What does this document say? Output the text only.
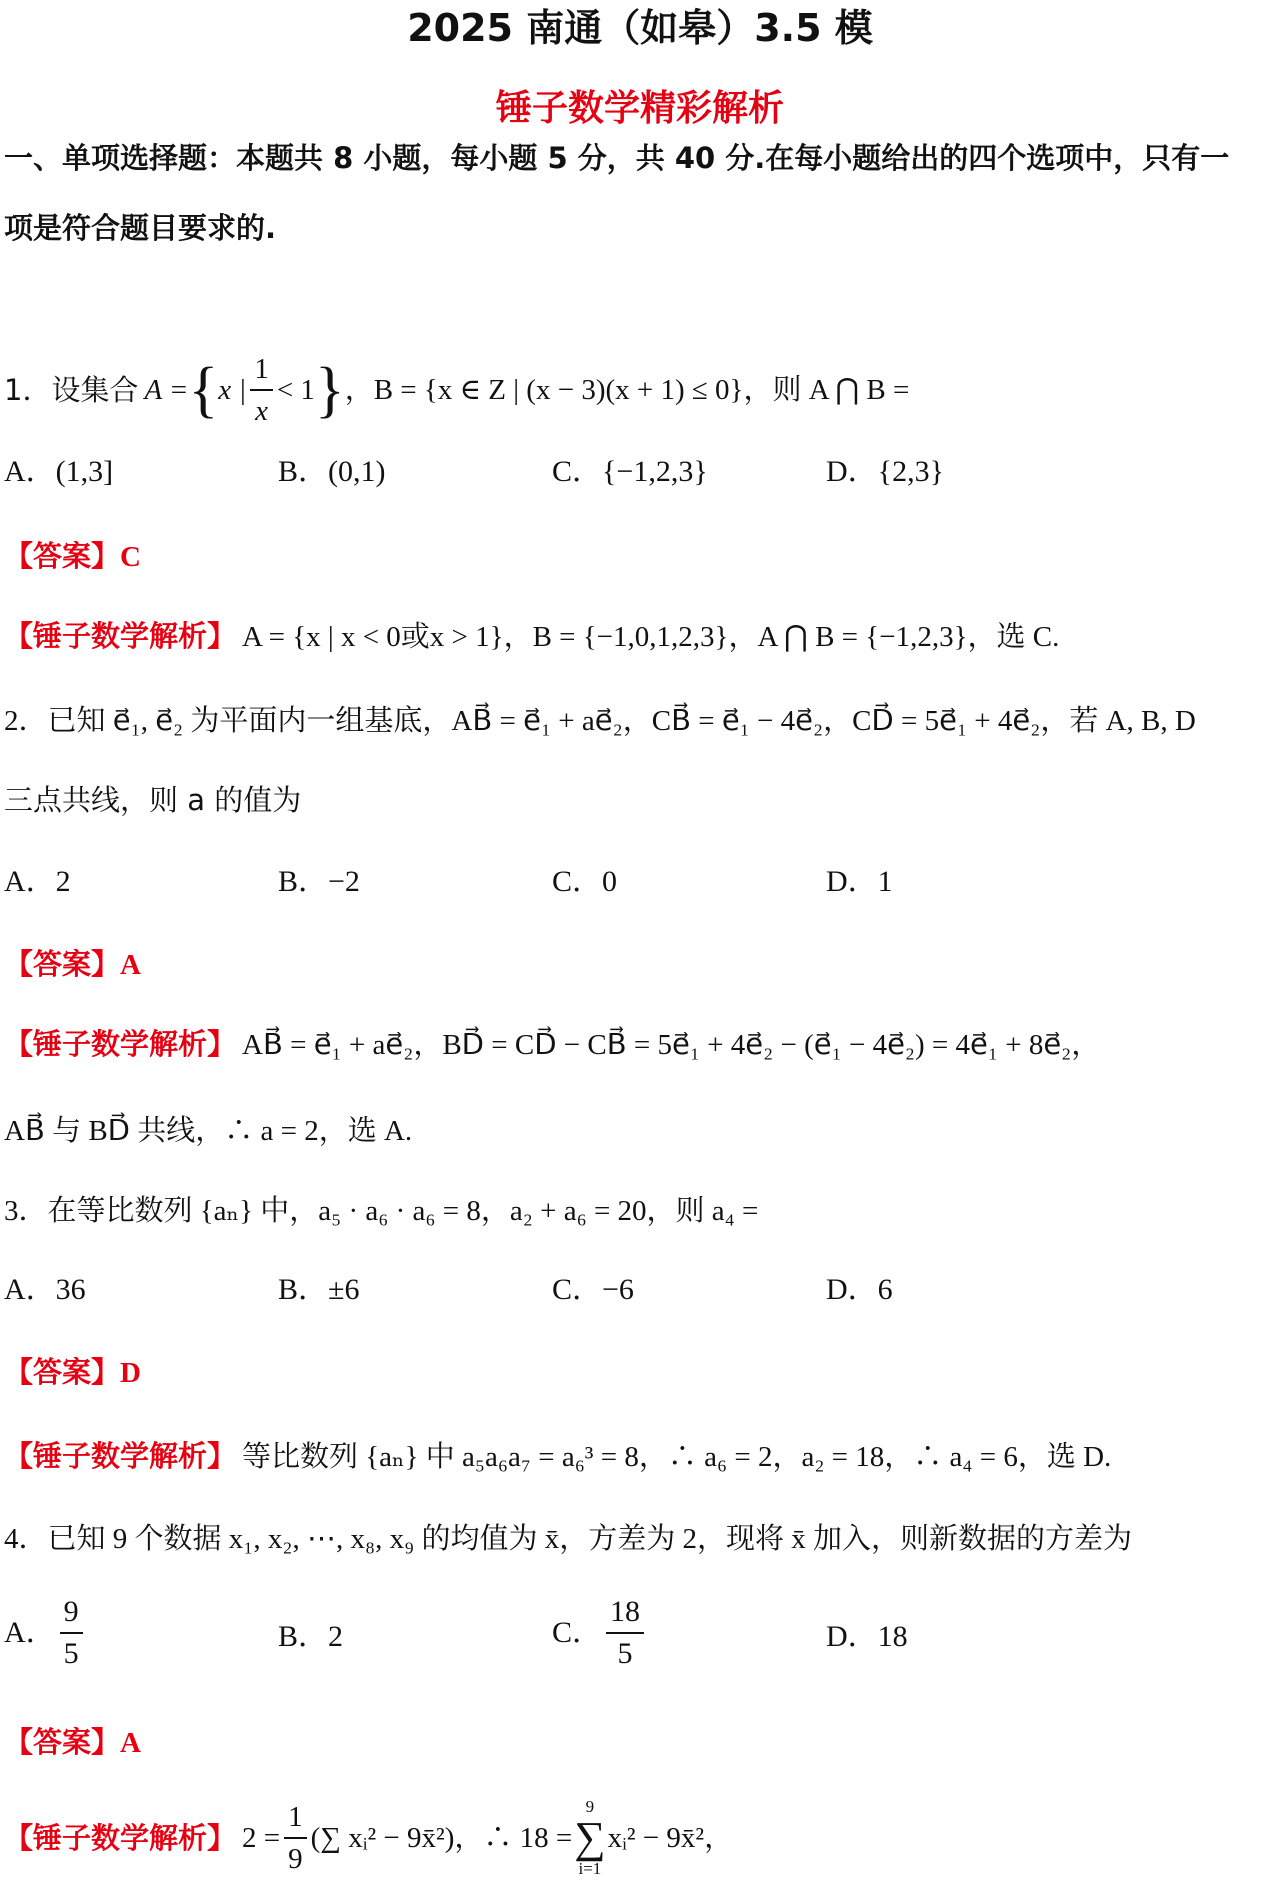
2025 南通（如皋）3.5 模
锤子数学精彩解析
一、单项选择题：本题共 8 小题，每小题 5 分，共 40 分.在每小题给出的四个选项中，只有一
项是符合题目要求的.
1．设集合 A = { x | $\frac{1}{x} < 1$ } ，B = {x ∈ Z | (x − 3)(x + 1) ≤ 0}，则 A ⋂ B =
A．(1,3]	B．(0,1)	C．{−1,2,3}	D．{2,3}
【答案】C
【锤子数学解析】 A = {x | x < 0或x > 1}，B = {−1,0,1,2,3}，A ⋂ B = {−1,2,3}，选 C.
2．已知 e⃗₁, e⃗₂ 为平面内一组基底，AB⃗ = e⃗₁ + ae⃗₂，CB⃗ = e⃗₁ − 4e⃗₂，CD⃗ = 5e⃗₁ + 4e⃗₂，若 A, B, D
三点共线，则 a 的值为
A．2	B．−2	C．0	D．1
【答案】A
【锤子数学解析】 AB⃗ = e⃗₁ + ae⃗₂，BD⃗ = CD⃗ − CB⃗ = 5e⃗₁ + 4e⃗₂ − (e⃗₁ − 4e⃗₂) = 4e⃗₁ + 8e⃗₂，
AB⃗ 与 BD⃗ 共线，∴ a = 2，选 A.
3．在等比数列 {aₙ} 中，a₅ · a₆ · a₆ = 8，a₂ + a₆ = 20，则 a₄ =
A．36	B．±6	C．−6	D．6
【答案】D
【锤子数学解析】 等比数列 {aₙ} 中 a₅a₆a₇ = a₆³ = 8，∴ a₆ = 2，a₂ = 18，∴ a₄ = 6，选 D.
4．已知 9 个数据 x₁, x₂, ⋯, x₈, x₉ 的均值为 x̄，方差为 2，现将 x̄ 加入，则新数据的方差为
A． $\frac{9}{5}$	B．2	C． $\frac{18}{5}$	D．18
【答案】A
【锤子数学解析】 $2 = \frac{1}{9}$ (∑ xᵢ² − 9x̄²)，∴ 18 =
9
∑
i=1
xᵢ² − 9x̄²，
